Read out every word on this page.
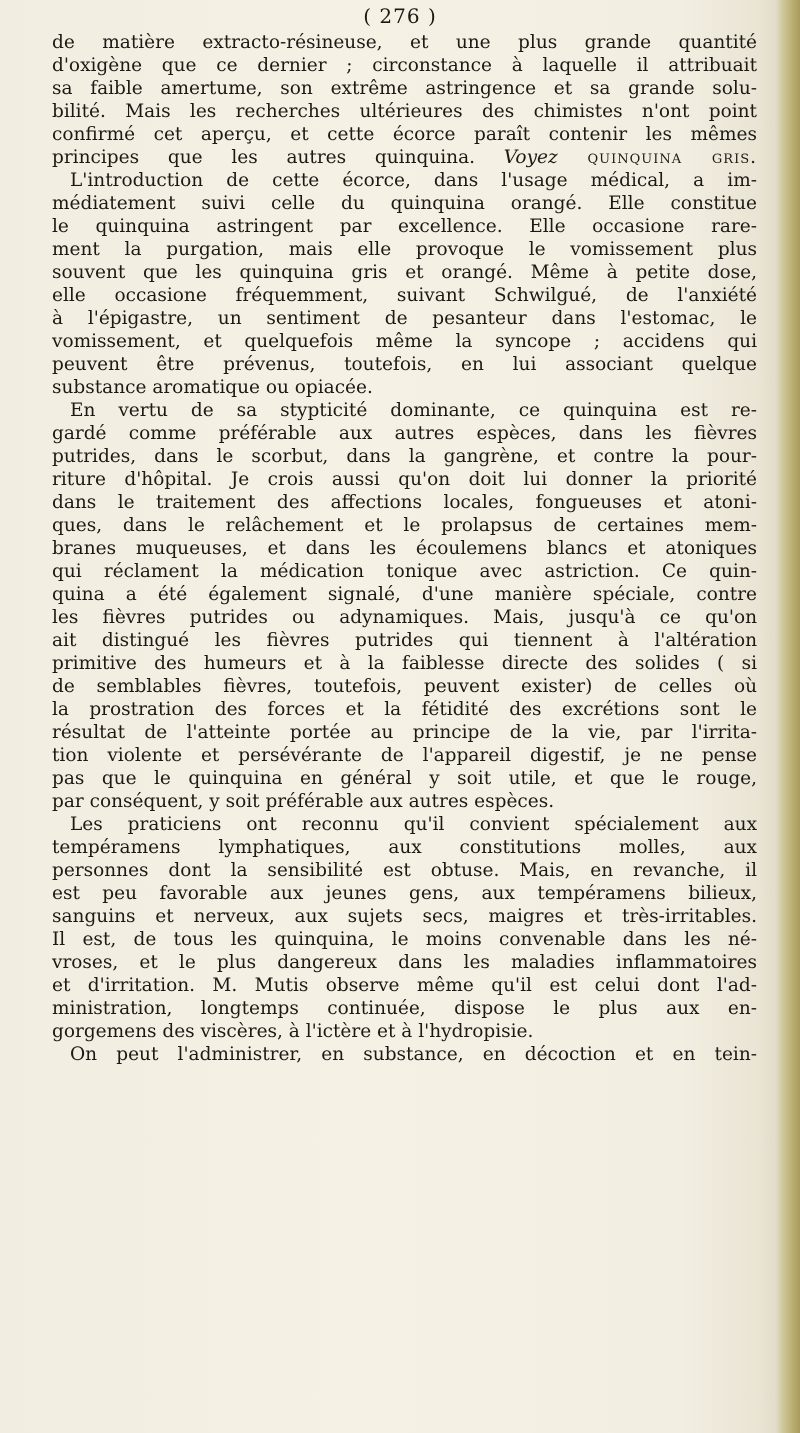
( 276 )
de matière extracto-résineuse, et une plus grande quantité
d'oxigène que ce dernier ; circonstance à laquelle il attribuait
sa faible amertume, son extrême astringence et sa grande solu-
bilité. Mais les recherches ultérieures des chimistes n'ont point
confirmé cet aperçu, et cette écorce paraît contenir les mêmes
principes que les autres quinquina. Voyez quinquina gris.
L'introduction de cette écorce, dans l'usage médical, a im-
médiatement suivi celle du quinquina orangé. Elle constitue
le quinquina astringent par excellence. Elle occasione rare-
ment la purgation, mais elle provoque le vomissement plus
souvent que les quinquina gris et orangé. Même à petite dose,
elle occasione fréquemment, suivant Schwilgué, de l'anxiété
à l'épigastre, un sentiment de pesanteur dans l'estomac, le
vomissement, et quelquefois même la syncope ; accidens qui
peuvent être prévenus, toutefois, en lui associant quelque
substance aromatique ou opiacée.
En vertu de sa stypticité dominante, ce quinquina est re-
gardé comme préférable aux autres espèces, dans les fièvres
putrides, dans le scorbut, dans la gangrène, et contre la pour-
riture d'hôpital. Je crois aussi qu'on doit lui donner la priorité
dans le traitement des affections locales, fongueuses et atoni-
ques, dans le relâchement et le prolapsus de certaines mem-
branes muqueuses, et dans les écoulemens blancs et atoniques
qui réclament la médication tonique avec astriction. Ce quin-
quina a été également signalé, d'une manière spéciale, contre
les fièvres putrides ou adynamiques. Mais, jusqu'à ce qu'on
ait distingué les fièvres putrides qui tiennent à l'altération
primitive des humeurs et à la faiblesse directe des solides ( si
de semblables fièvres, toutefois, peuvent exister) de celles où
la prostration des forces et la fétidité des excrétions sont le
résultat de l'atteinte portée au principe de la vie, par l'irrita-
tion violente et persévérante de l'appareil digestif, je ne pense
pas que le quinquina en général y soit utile, et que le rouge,
par conséquent, y soit préférable aux autres espèces.
Les praticiens ont reconnu qu'il convient spécialement aux
tempéramens lymphatiques, aux constitutions molles, aux
personnes dont la sensibilité est obtuse. Mais, en revanche, il
est peu favorable aux jeunes gens, aux tempéramens bilieux,
sanguins et nerveux, aux sujets secs, maigres et très-irritables.
Il est, de tous les quinquina, le moins convenable dans les né-
vroses, et le plus dangereux dans les maladies inflammatoires
et d'irritation. M. Mutis observe même qu'il est celui dont l'ad-
ministration, longtemps continuée, dispose le plus aux en-
gorgemens des viscères, à l'ictère et à l'hydropisie.
On peut l'administrer, en substance, en décoction et en tein-
